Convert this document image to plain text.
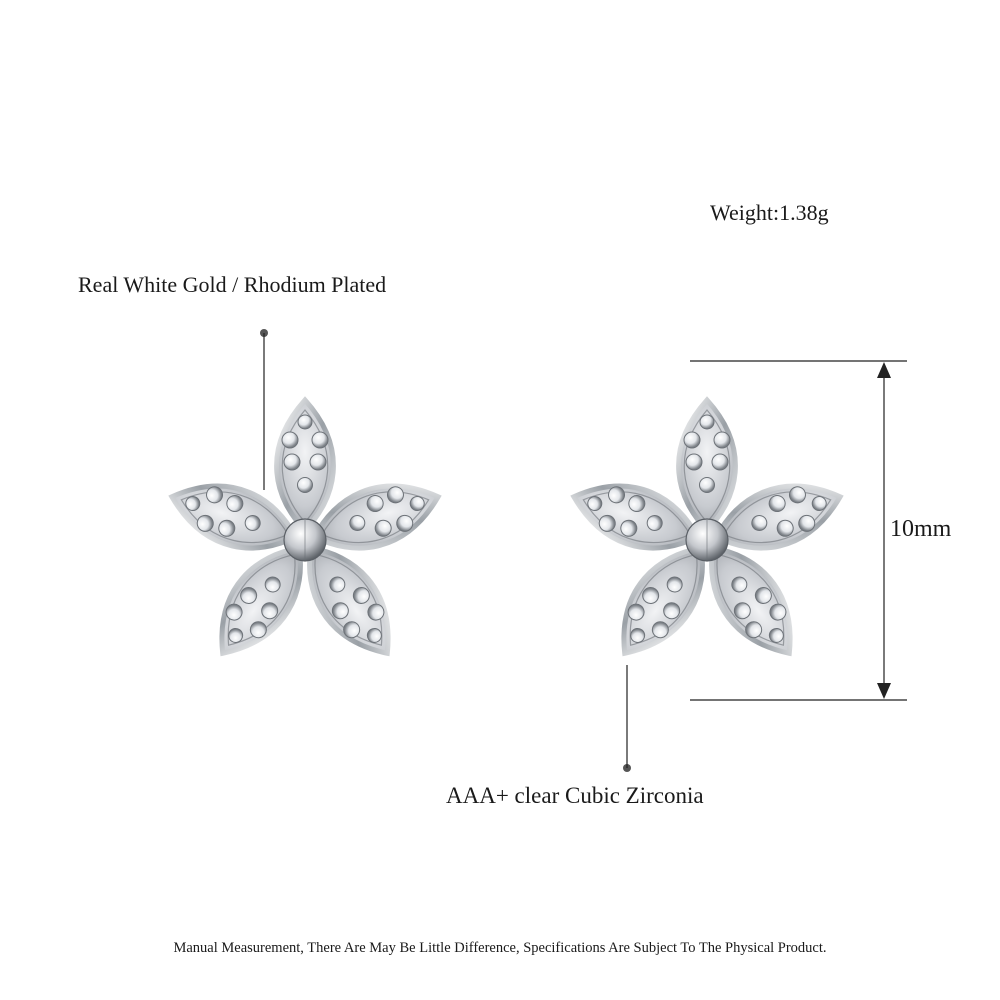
Weight:1.38g
Real White Gold / Rhodium Plated
10mm
AAA+ clear Cubic Zirconia
Manual Measurement, There Are May Be Little Difference, Specifications Are Subject To The Physical Product.
